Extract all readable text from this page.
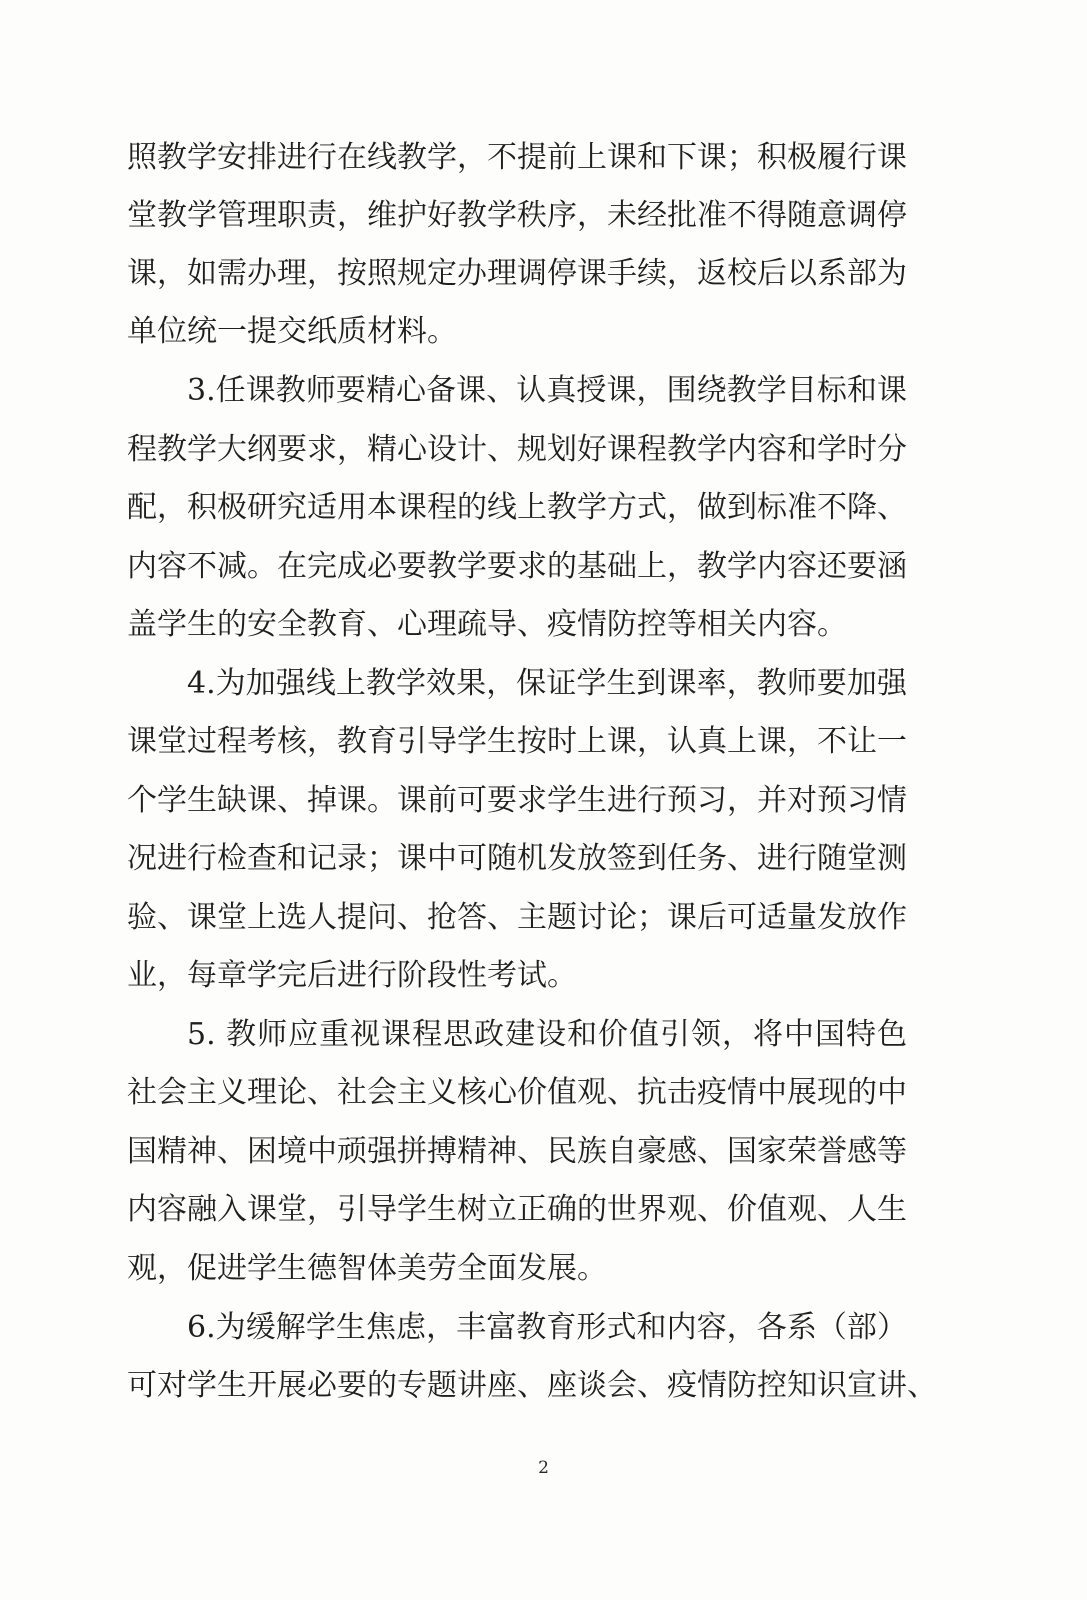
照教学安排进行在线教学，不提前上课和下课；积极履行课
堂教学管理职责，维护好教学秩序，未经批准不得随意调停
课，如需办理，按照规定办理调停课手续，返校后以系部为
单位统一提交纸质材料。
3.任课教师要精心备课、认真授课，围绕教学目标和课
程教学大纲要求，精心设计、规划好课程教学内容和学时分
配，积极研究适用本课程的线上教学方式，做到标准不降、
内容不减。在完成必要教学要求的基础上，教学内容还要涵
盖学生的安全教育、心理疏导、疫情防控等相关内容。
4.为加强线上教学效果，保证学生到课率，教师要加强
课堂过程考核，教育引导学生按时上课，认真上课，不让一
个学生缺课、掉课。课前可要求学生进行预习，并对预习情
况进行检查和记录；课中可随机发放签到任务、进行随堂测
验、课堂上选人提问、抢答、主题讨论；课后可适量发放作
业，每章学完后进行阶段性考试。
5. 教师应重视课程思政建设和价值引领，将中国特色
社会主义理论、社会主义核心价值观、抗击疫情中展现的中
国精神、困境中顽强拼搏精神、民族自豪感、国家荣誉感等
内容融入课堂，引导学生树立正确的世界观、价值观、人生
观，促进学生德智体美劳全面发展。
6.为缓解学生焦虑，丰富教育形式和内容，各系（部）
可对学生开展必要的专题讲座、座谈会、疫情防控知识宣讲、
2
